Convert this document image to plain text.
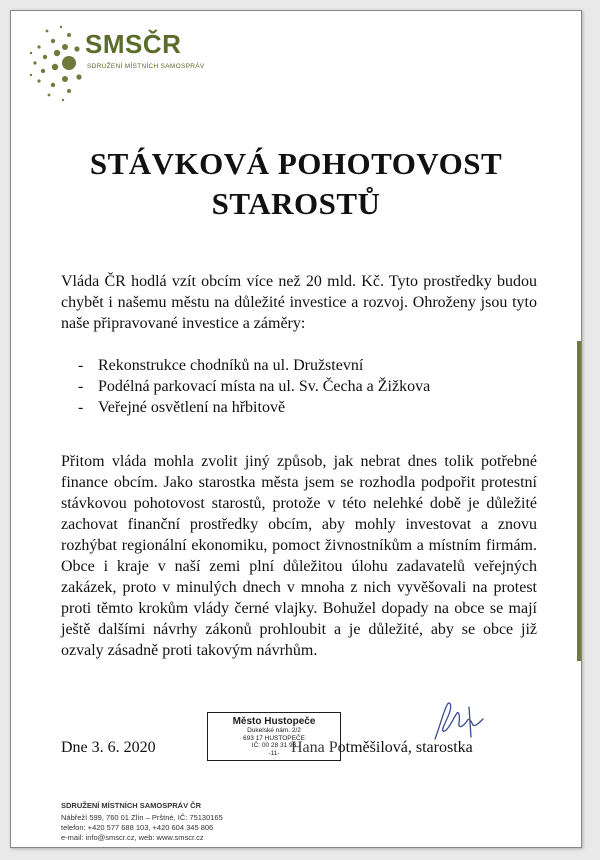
SMSČR
SDRUŽENÍ MÍSTNÍCH SAMOSPRÁV
STÁVKOVÁ POHOTOVOST
STAROSTŮ
Vláda ČR hodlá vzít obcím více než 20 mld. Kč. Tyto prostředky budou chybět i našemu městu na důležité investice a rozvoj. Ohroženy jsou tyto naše připravované investice a záměry:
- Rekonstrukce chodníků na ul. Družstevní
- Podélná parkovací místa na ul. Sv. Čecha a Žižkova
- Veřejné osvětlení na hřbitově
Přitom vláda mohla zvolit jiný způsob, jak nebrat dnes tolik potřebné finance obcím. Jako starostka města jsem se rozhodla podpořit protestní stávkovou pohotovost starostů, protože v této nelehké době je důležité zachovat finanční prostředky obcím, aby mohly investovat a znovu rozhýbat regionální ekonomiku, pomoct živnostníkům a místním firmám. Obce i kraje v naší zemi plní důležitou úlohu zadavatelů veřejných zakázek, proto v minulých dnech v mnoha z nich vyvěšovali na protest proti těmto krokům vlády černé vlajky. Bohužel dopady na obce se mají ještě dalšími návrhy zákonů prohloubit a je důležité, aby se obce již ozvaly zásadně proti takovým návrhům.
Dne 3. 6. 2020	Hana Potměšilová, starostka
Město Hustopeče
Dukelské nám. 2/2
693 17 HUSTOPEČE
IČ: 00 28 31 93
-11-
SDRUŽENÍ MÍSTNÍCH SAMOSPRÁV ČR
Nábřeží 599, 760 01 Zlín – Prštné, IČ: 75130165
telefon: +420 577 688 103, +420 604 345 806
e-mail: info@smscr.cz, web: www.smscr.cz
